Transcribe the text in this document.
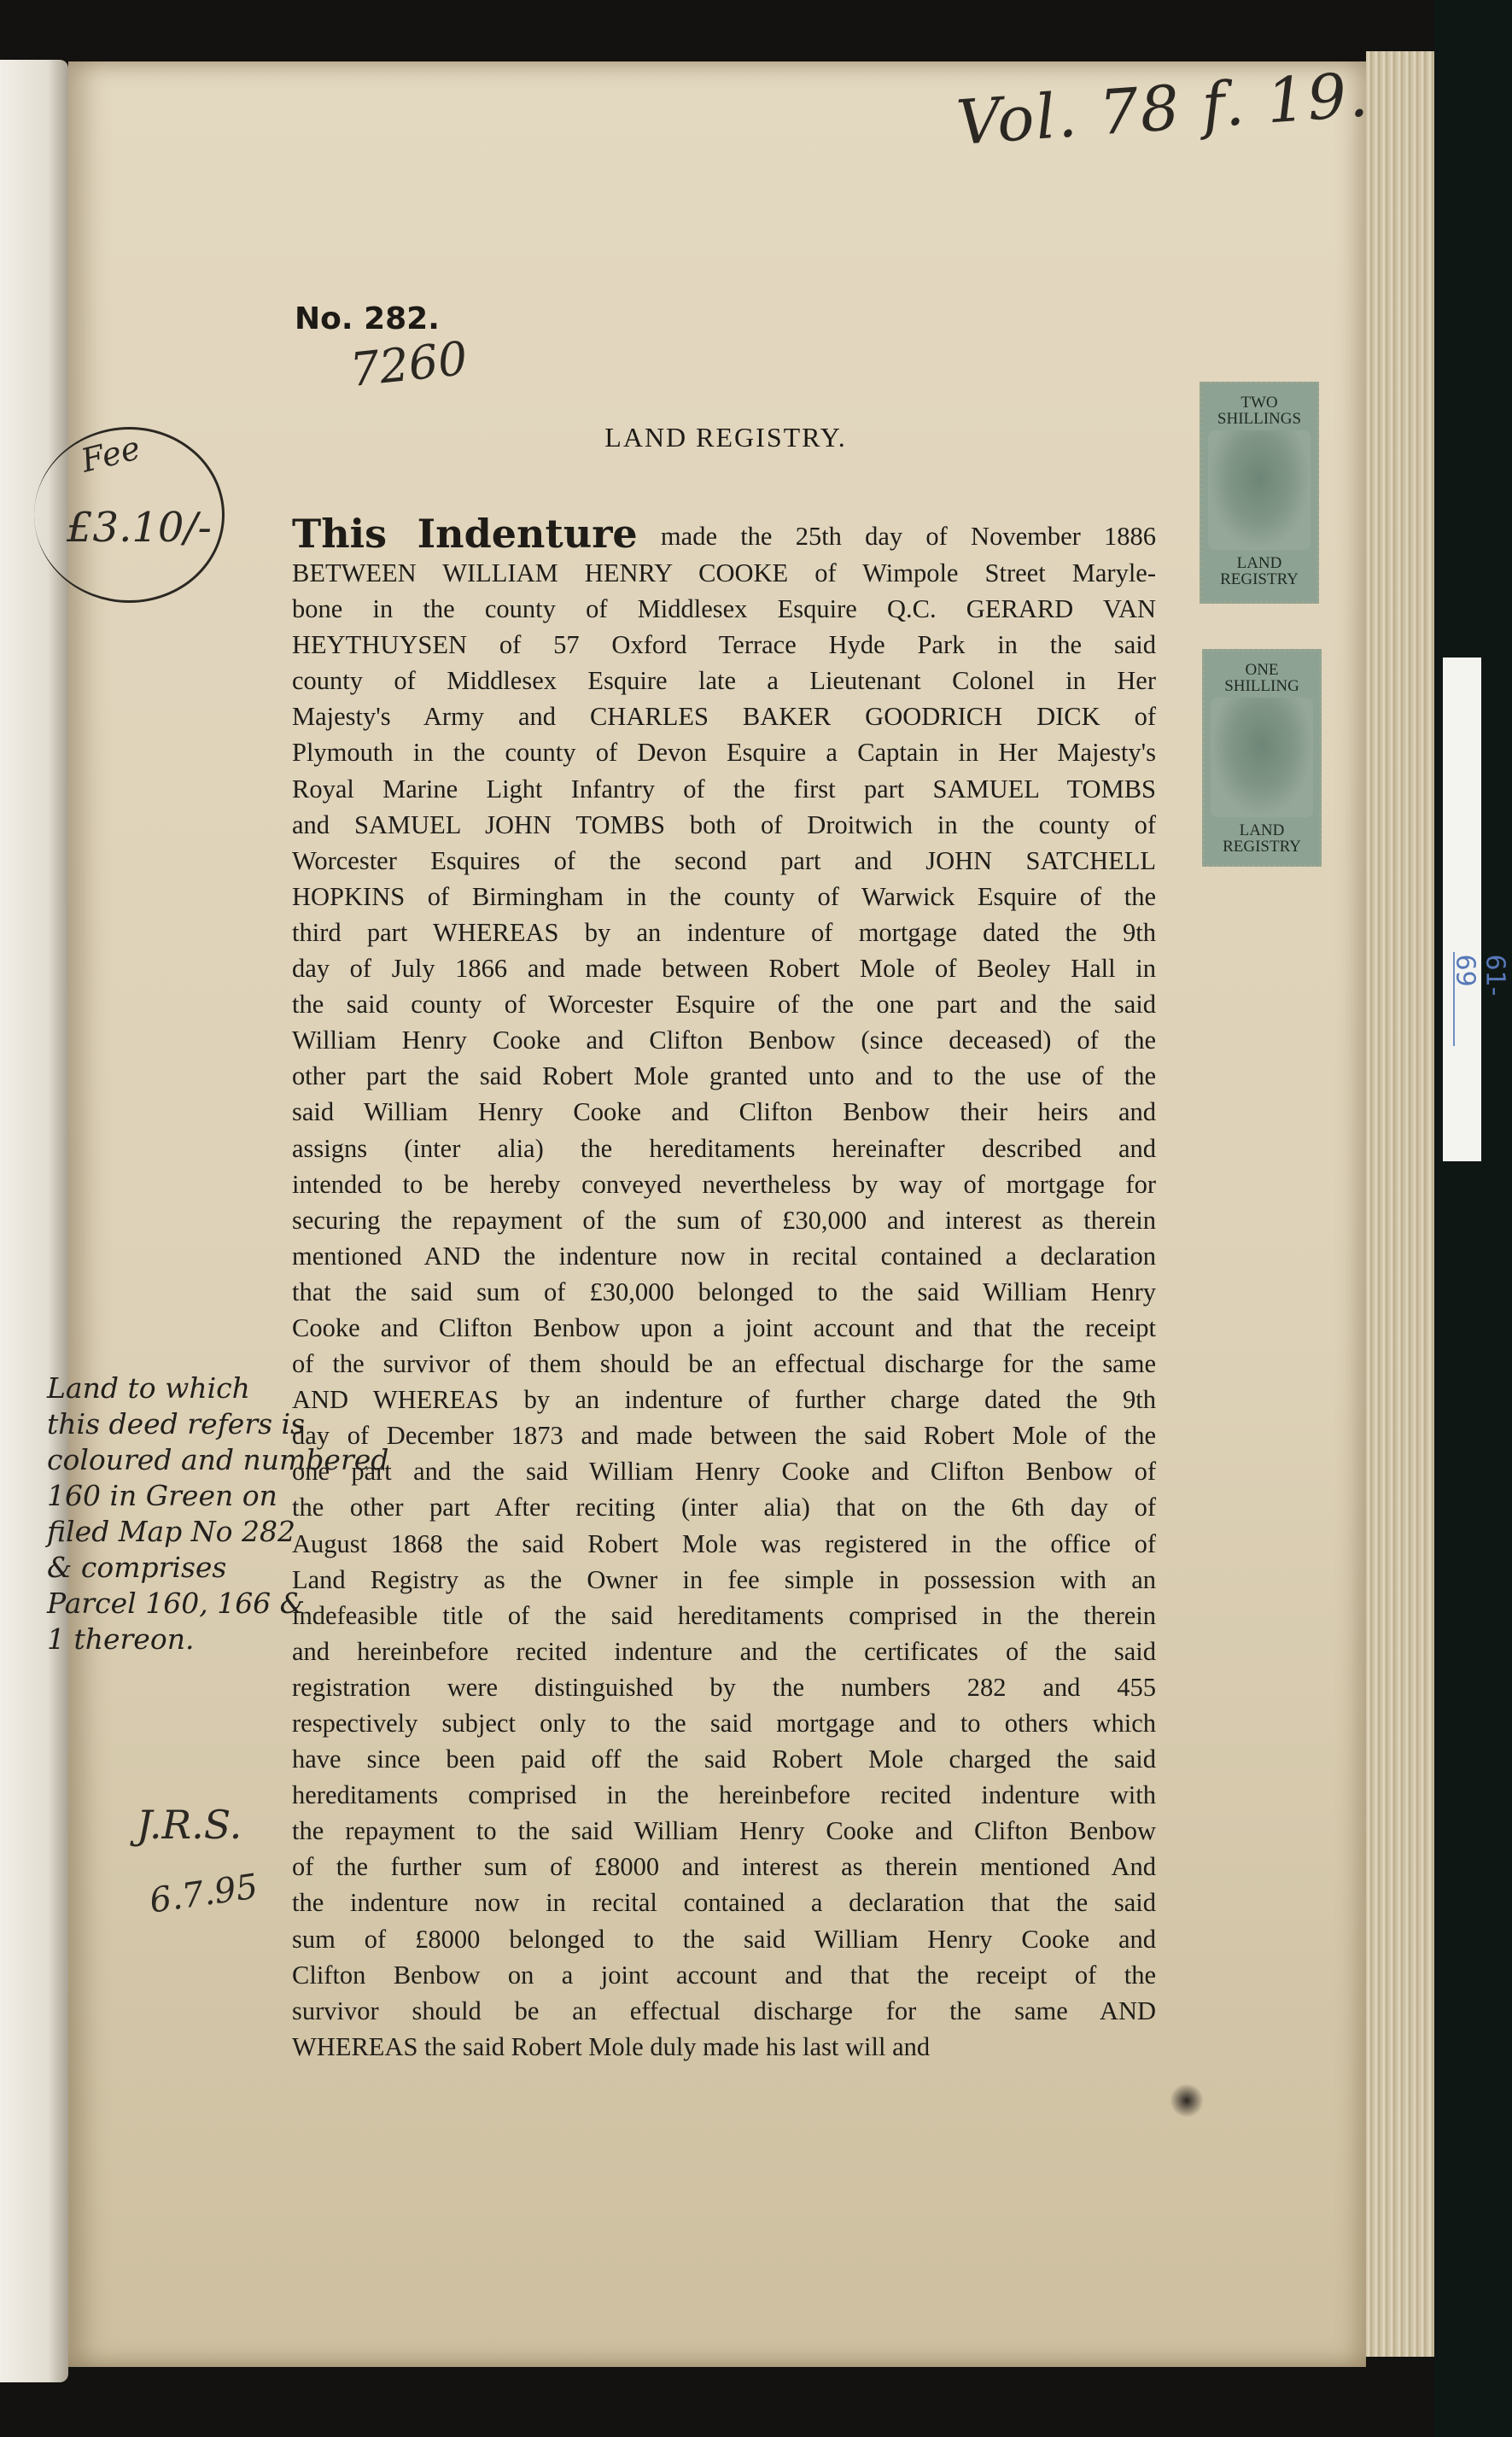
61-69
Vol. 78 f. 19.
No. 282.
7260
Fee
£3.10/-
LAND REGISTRY.
TWO SHILLINGS
LAND REGISTRY
ONE SHILLING
LAND REGISTRY
This Indenture made the 25th day of November 1886
BETWEEN WILLIAM HENRY COOKE of Wimpole Street Maryle-
bone in the county of Middlesex Esquire Q.C. GERARD VAN
HEYTHUYSEN of 57 Oxford Terrace Hyde Park in the said
county of Middlesex Esquire late a Lieutenant Colonel in Her
Majesty's Army and CHARLES BAKER GOODRICH DICK of
Plymouth in the county of Devon Esquire a Captain in Her Majesty's
Royal Marine Light Infantry of the first part SAMUEL TOMBS
and SAMUEL JOHN TOMBS both of Droitwich in the county of
Worcester Esquires of the second part and JOHN SATCHELL
HOPKINS of Birmingham in the county of Warwick Esquire of the
third part WHEREAS by an indenture of mortgage dated the 9th
day of July 1866 and made between Robert Mole of Beoley Hall in
the said county of Worcester Esquire of the one part and the said
William Henry Cooke and Clifton Benbow (since deceased) of the
other part the said Robert Mole granted unto and to the use of the
said William Henry Cooke and Clifton Benbow their heirs and
assigns (inter alia) the hereditaments hereinafter described and
intended to be hereby conveyed nevertheless by way of mortgage for
securing the repayment of the sum of £30,000 and interest as therein
mentioned AND the indenture now in recital contained a declaration
that the said sum of £30,000 belonged to the said William Henry
Cooke and Clifton Benbow upon a joint account and that the receipt
of the survivor of them should be an effectual discharge for the same
AND WHEREAS by an indenture of further charge dated the 9th
day of December 1873 and made between the said Robert Mole of the
one part and the said William Henry Cooke and Clifton Benbow of
the other part After reciting (inter alia) that on the 6th day of
August 1868 the said Robert Mole was registered in the office of
Land Registry as the Owner in fee simple in possession with an
indefeasible title of the said hereditaments comprised in the therein
and hereinbefore recited indenture and the certificates of the said
registration were distinguished by the numbers 282 and 455
respectively subject only to the said mortgage and to others which
have since been paid off the said Robert Mole charged the said
hereditaments comprised in the hereinbefore recited indenture with
the repayment to the said William Henry Cooke and Clifton Benbow
of the further sum of £8000 and interest as therein mentioned And
the indenture now in recital contained a declaration that the said
sum of £8000 belonged to the said William Henry Cooke and
Clifton Benbow on a joint account and that the receipt of the
survivor should be an effectual discharge for the same AND
WHEREAS the said Robert Mole duly made his last will and
Land to which
this deed refers is
coloured and numbered
160 in Green on
filed Map No 282
& comprises
Parcel 160, 166 &
1 thereon.
J.R.S.
6.7.95
